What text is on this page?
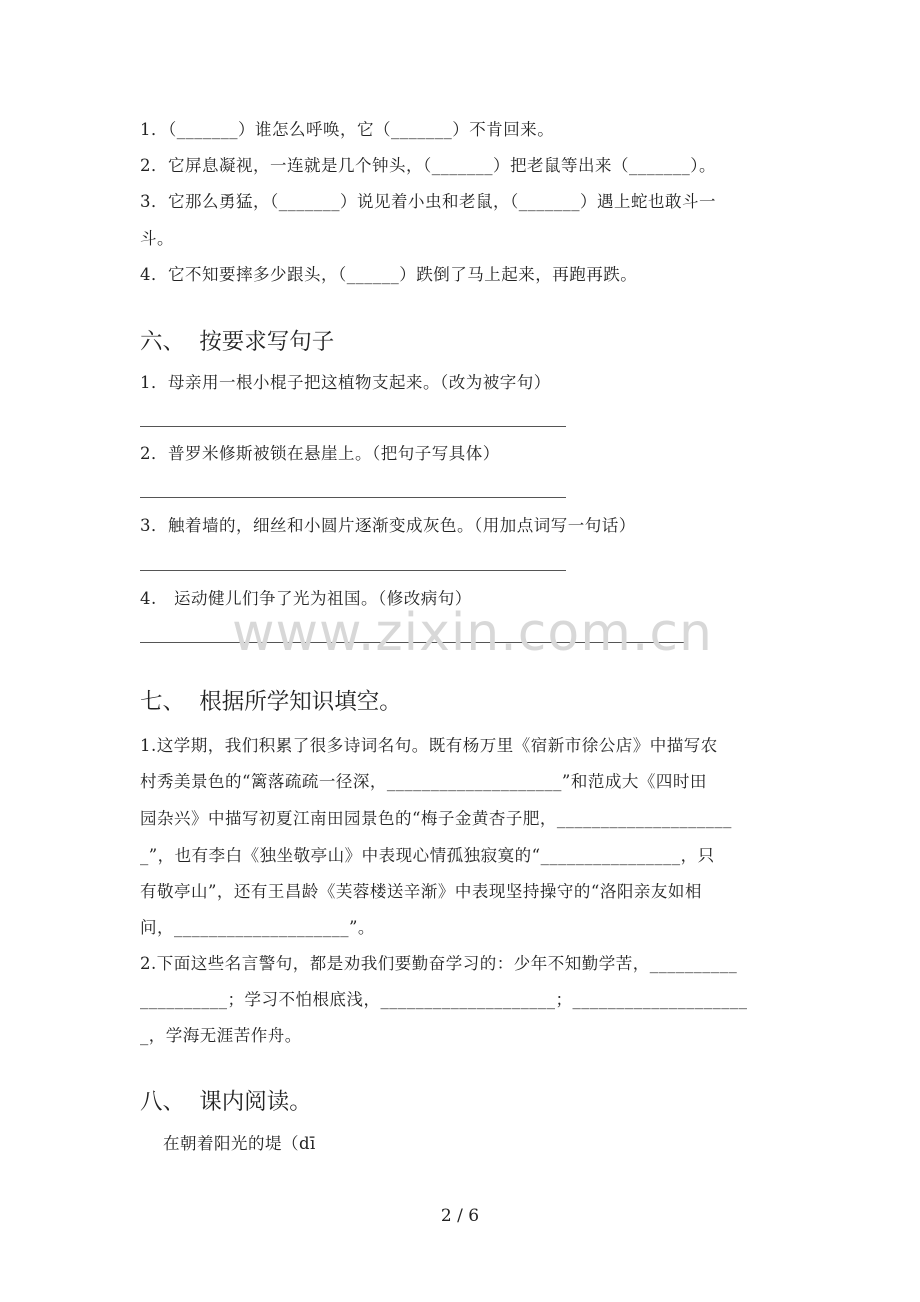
1．（_______）谁怎么呼唤，它（_______）不肯回来。
2．它屏息凝视，一连就是几个钟头，（_______）把老鼠等出来（_______）。
3．它那么勇猛，（_______）说见着小虫和老鼠，（_______）遇上蛇也敢斗一
斗。
4．它不知要摔多少跟头，（______）跌倒了马上起来，再跑再跌。
六、  按要求写句子
1．母亲用一根小棍子把这植物支起来。（改为被字句）
2．普罗米修斯被锁在悬崖上。（把句子写具体）
3．触着墙的，细丝和小圆片逐渐变成灰色。（用加点词写一句话）
4.   运动健儿们争了光为祖国。（修改病句）
www.zixin.com.cn
七、  根据所学知识填空。
1.这学期，我们积累了很多诗词名句。既有杨万里《宿新市徐公店》中描写农
村秀美景色的“篱落疏疏一径深，____________________”和范成大《四时田
园杂兴》中描写初夏江南田园景色的“梅子金黄杏子肥，____________________
_”，也有李白《独坐敬亭山》中表现心情孤独寂寞的“________________，只
有敬亭山”，还有王昌龄《芙蓉楼送辛渐》中表现坚持操守的“洛阳亲友如相
问，____________________”。
2.下面这些名言警句，都是劝我们要勤奋学习的：少年不知勤学苦，__________
__________；学习不怕根底浅，____________________；____________________
_，学海无涯苦作舟。
八、  课内阅读。
在朝着阳光的堤（dī
2 / 6
